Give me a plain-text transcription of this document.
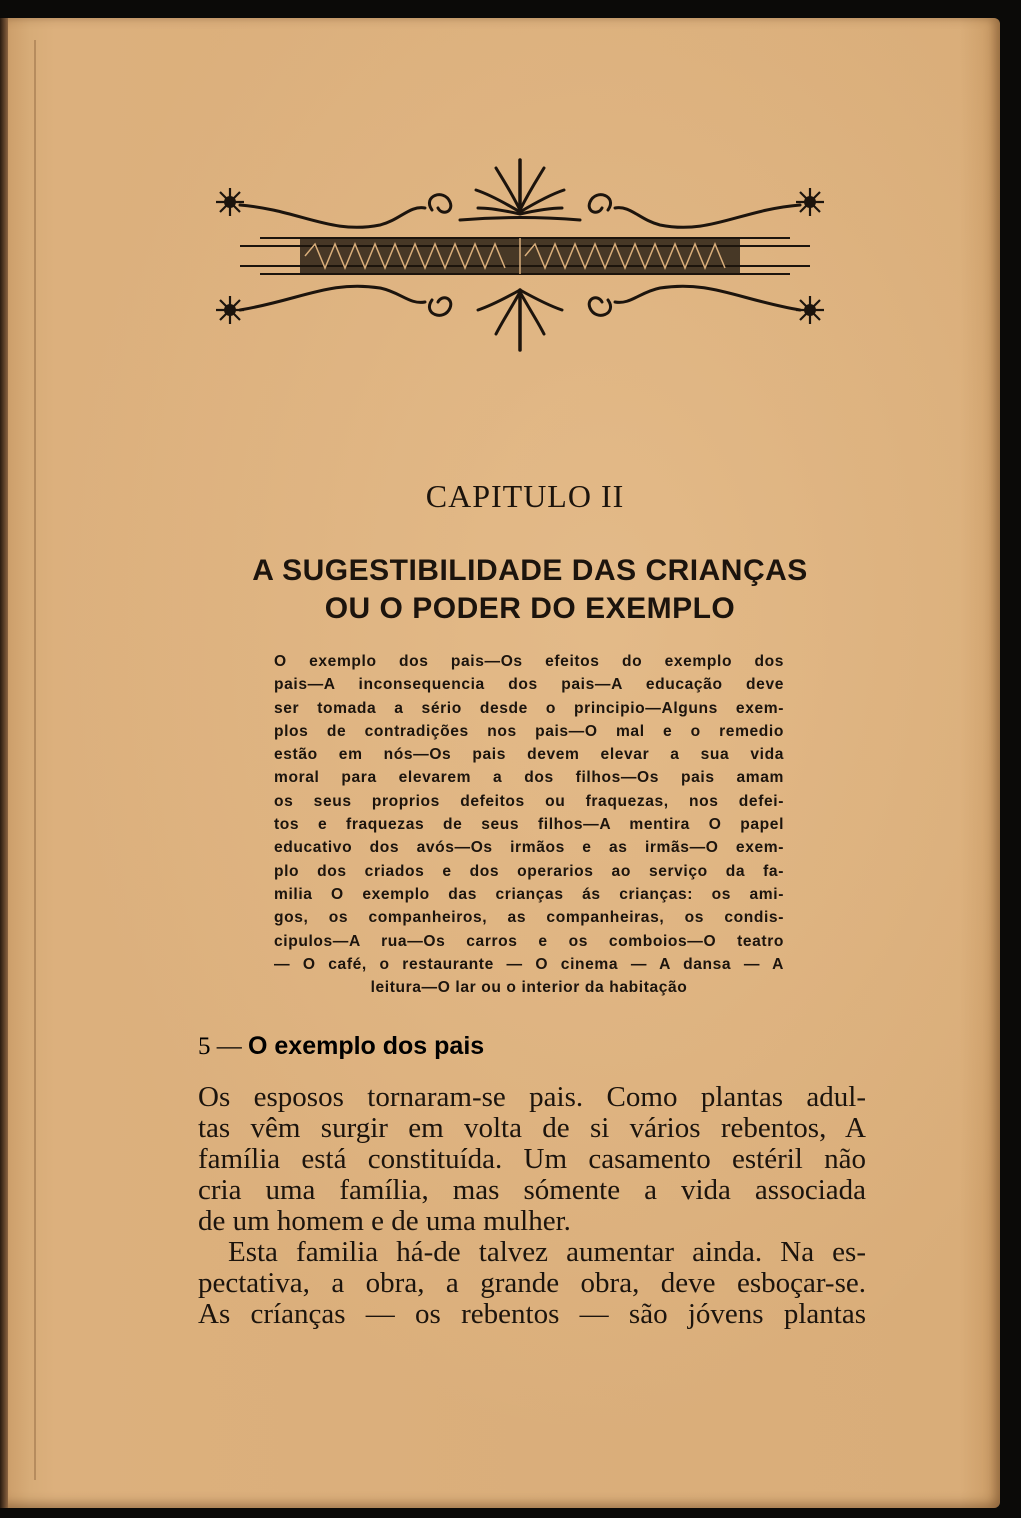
CAPITULO II
A SUGESTIBILIDADE DAS CRIANÇAS
OU O PODER DO EXEMPLO
O exemplo dos pais—Os efeitos do exemplo dos
pais—A inconsequencia dos pais—A educação deve
ser tomada a sério desde o principio—Alguns exem-
plos de contradições nos pais—O mal e o remedio
estão em nós—Os pais devem elevar a sua vida
moral para elevarem a dos filhos—Os pais amam
os seus proprios defeitos ou fraquezas, nos defei-
tos e fraquezas de seus filhos—A mentira O papel
educativo dos avós—Os irmãos e as irmãs—O exem-
plo dos criados e dos operarios ao serviço da fa-
milia O exemplo das crianças ás crianças: os ami-
gos, os companheiros, as companheiras, os condis-
cipulos—A rua—Os carros e os comboios—O teatro
— O café, o restaurante — O cinema — A dansa — A
leitura—O lar ou o interior da habitação
5 — O exemplo dos pais
Os esposos tornaram-se pais. Como plantas adul-
tas vêm surgir em volta de si vários rebentos, A
família está constituída. Um casamento estéril não
cria uma família, mas sómente a vida associada
de um homem e de uma mulher.
Esta familia há-de talvez aumentar ainda. Na es-
pectativa, a obra, a grande obra, deve esboçar-se.
As críanças — os rebentos — são jóvens plantas
